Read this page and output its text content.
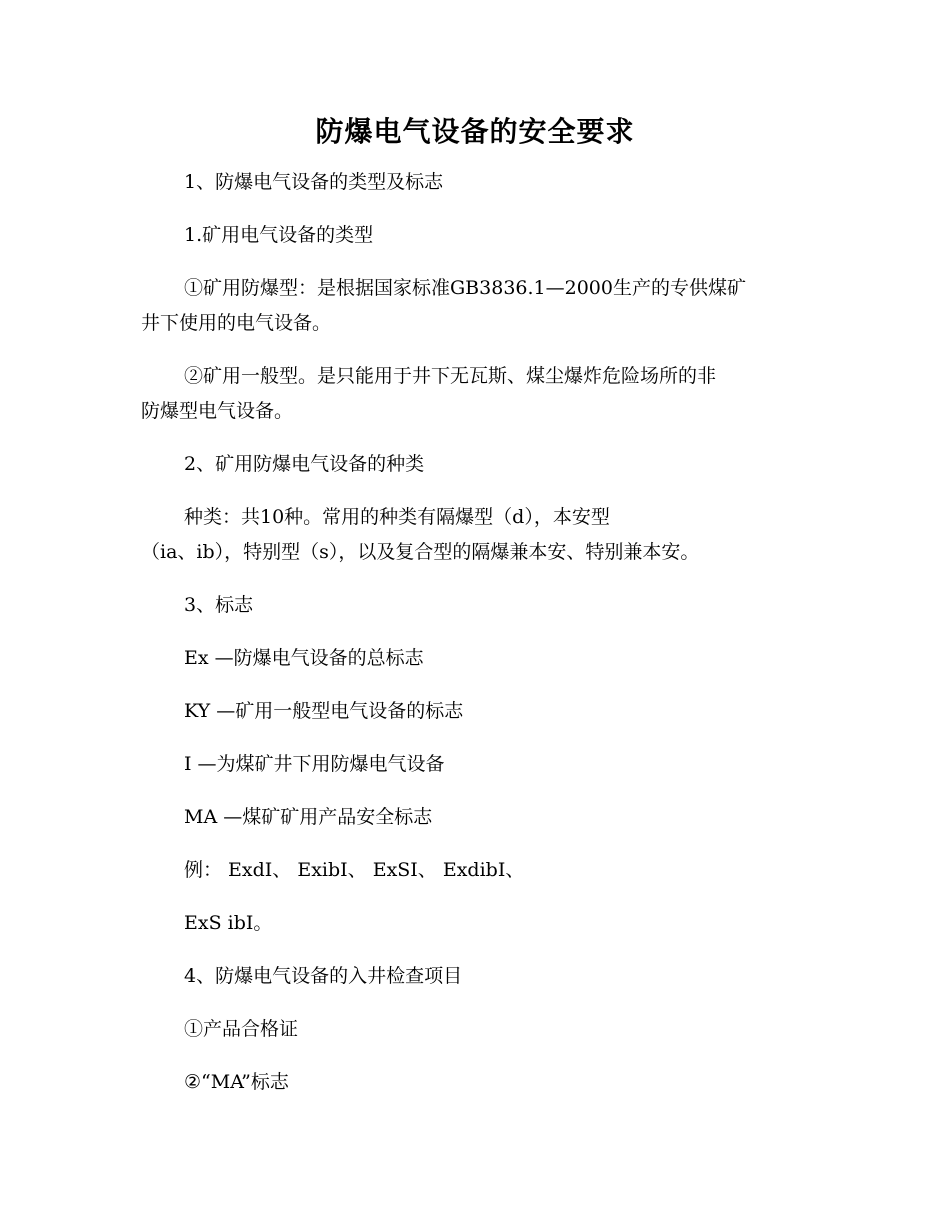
防爆电气设备的安全要求
1、防爆电气设备的类型及标志
1.矿用电气设备的类型
①矿用防爆型：是根据国家标准GB3836.1—2000生产的专供煤矿
井下使用的电气设备。
②矿用一般型。是只能用于井下无瓦斯、煤尘爆炸危险场所的非
防爆型电气设备。
2、矿用防爆电气设备的种类
种类：共10种。常用的种类有隔爆型（d），本安型
（ia、ib），特别型（s），以及复合型的隔爆兼本安、特别兼本安。
3、标志
Ex —防爆电气设备的总标志
KY —矿用一般型电气设备的标志
Ⅰ —为煤矿井下用防爆电气设备
MA —煤矿矿用产品安全标志
例： ExdⅠ、 ExibⅠ、 ExSⅠ、 ExdibⅠ、
ExS ibⅠ。
4、防爆电气设备的入井检查项目
①产品合格证
②“MA”标志
